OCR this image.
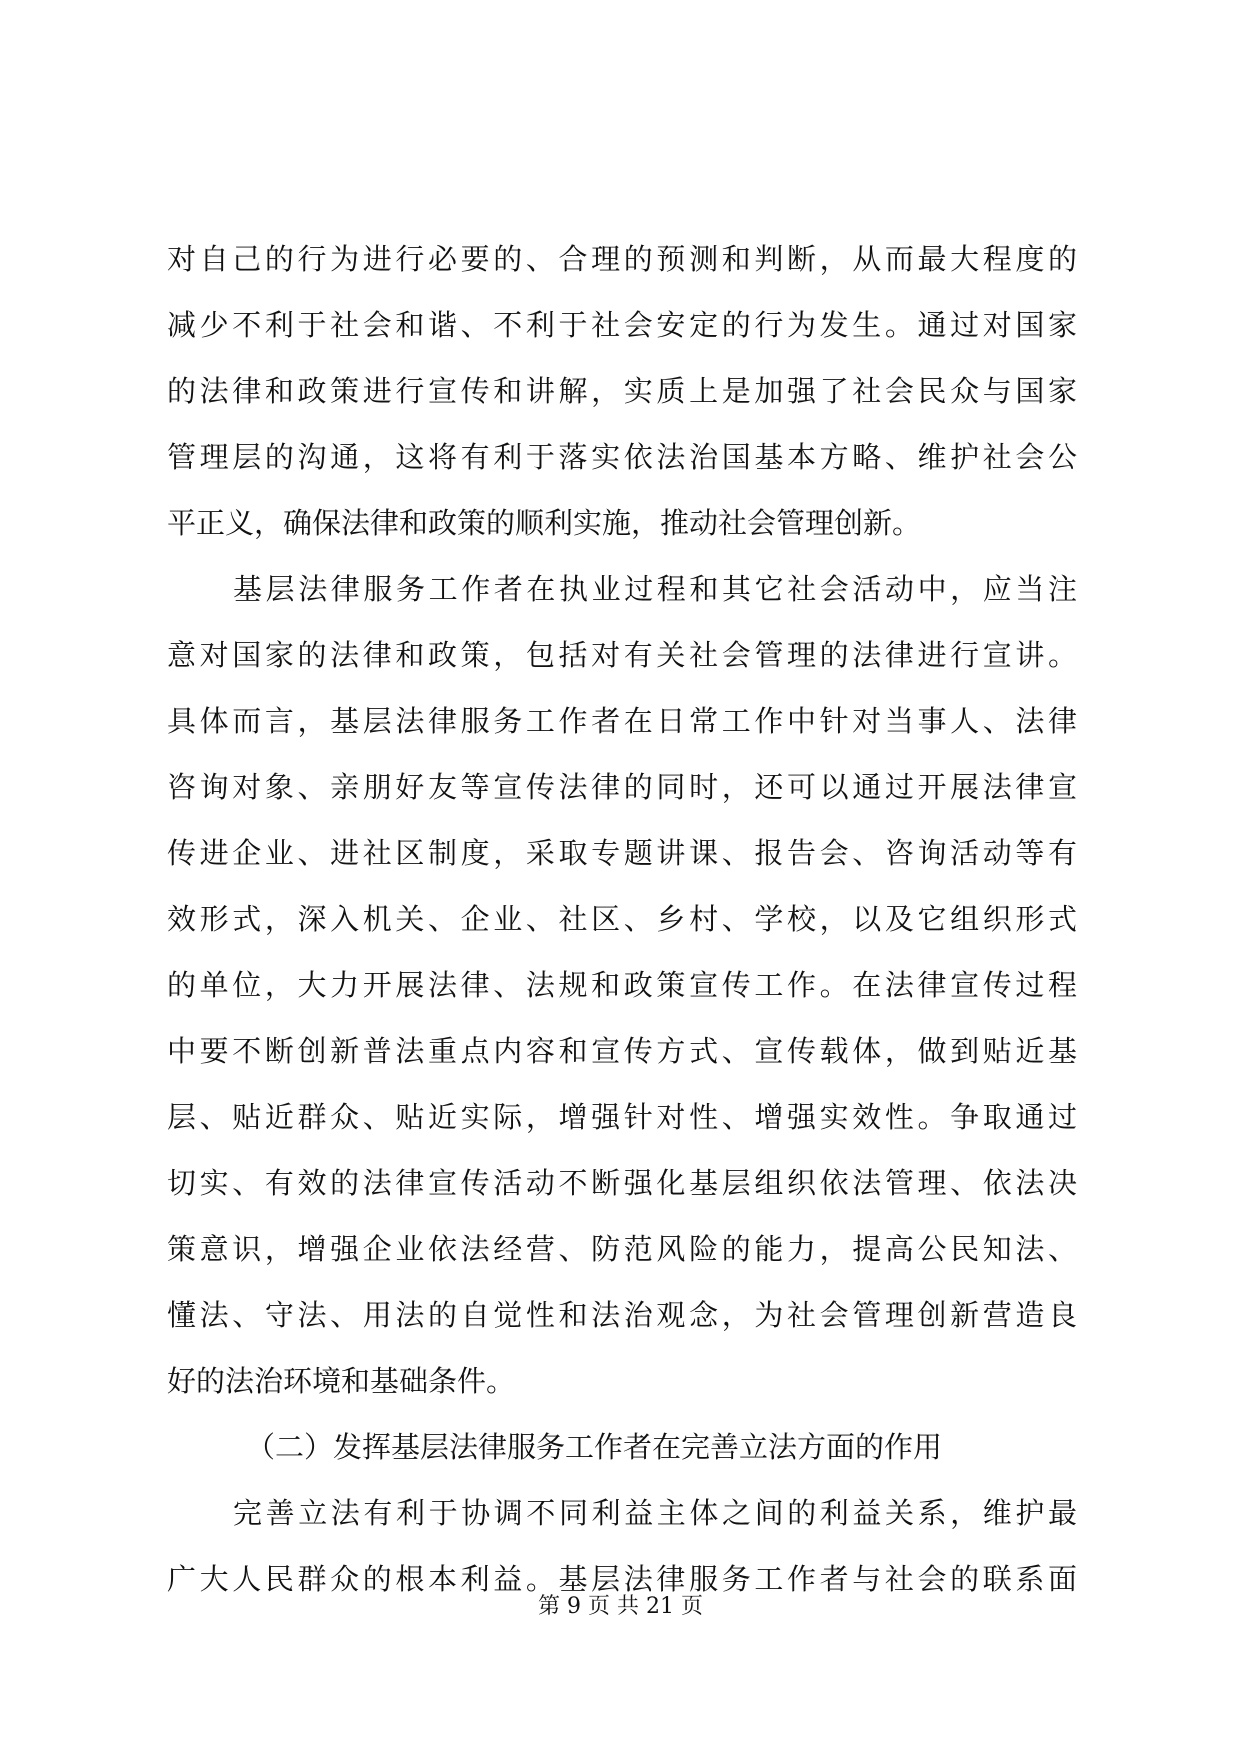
对自己的行为进行必要的、合理的预测和判断，从而最大程度的
减少不利于社会和谐、不利于社会安定的行为发生。通过对国家
的法律和政策进行宣传和讲解，实质上是加强了社会民众与国家
管理层的沟通，这将有利于落实依法治国基本方略、维护社会公
平正义，确保法律和政策的顺利实施，推动社会管理创新。
基层法律服务工作者在执业过程和其它社会活动中，应当注
意对国家的法律和政策，包括对有关社会管理的法律进行宣讲。
具体而言，基层法律服务工作者在日常工作中针对当事人、法律
咨询对象、亲朋好友等宣传法律的同时，还可以通过开展法律宣
传进企业、进社区制度，采取专题讲课、报告会、咨询活动等有
效形式，深入机关、企业、社区、乡村、学校，以及它组织形式
的单位，大力开展法律、法规和政策宣传工作。在法律宣传过程
中要不断创新普法重点内容和宣传方式、宣传载体，做到贴近基
层、贴近群众、贴近实际，增强针对性、增强实效性。争取通过
切实、有效的法律宣传活动不断强化基层组织依法管理、依法决
策意识，增强企业依法经营、防范风险的能力，提高公民知法、
懂法、守法、用法的自觉性和法治观念，为社会管理创新营造良
好的法治环境和基础条件。
（二）发挥基层法律服务工作者在完善立法方面的作用
完善立法有利于协调不同利益主体之间的利益关系，维护最
广大人民群众的根本利益。基层法律服务工作者与社会的联系面
第 9 页 共 21 页
